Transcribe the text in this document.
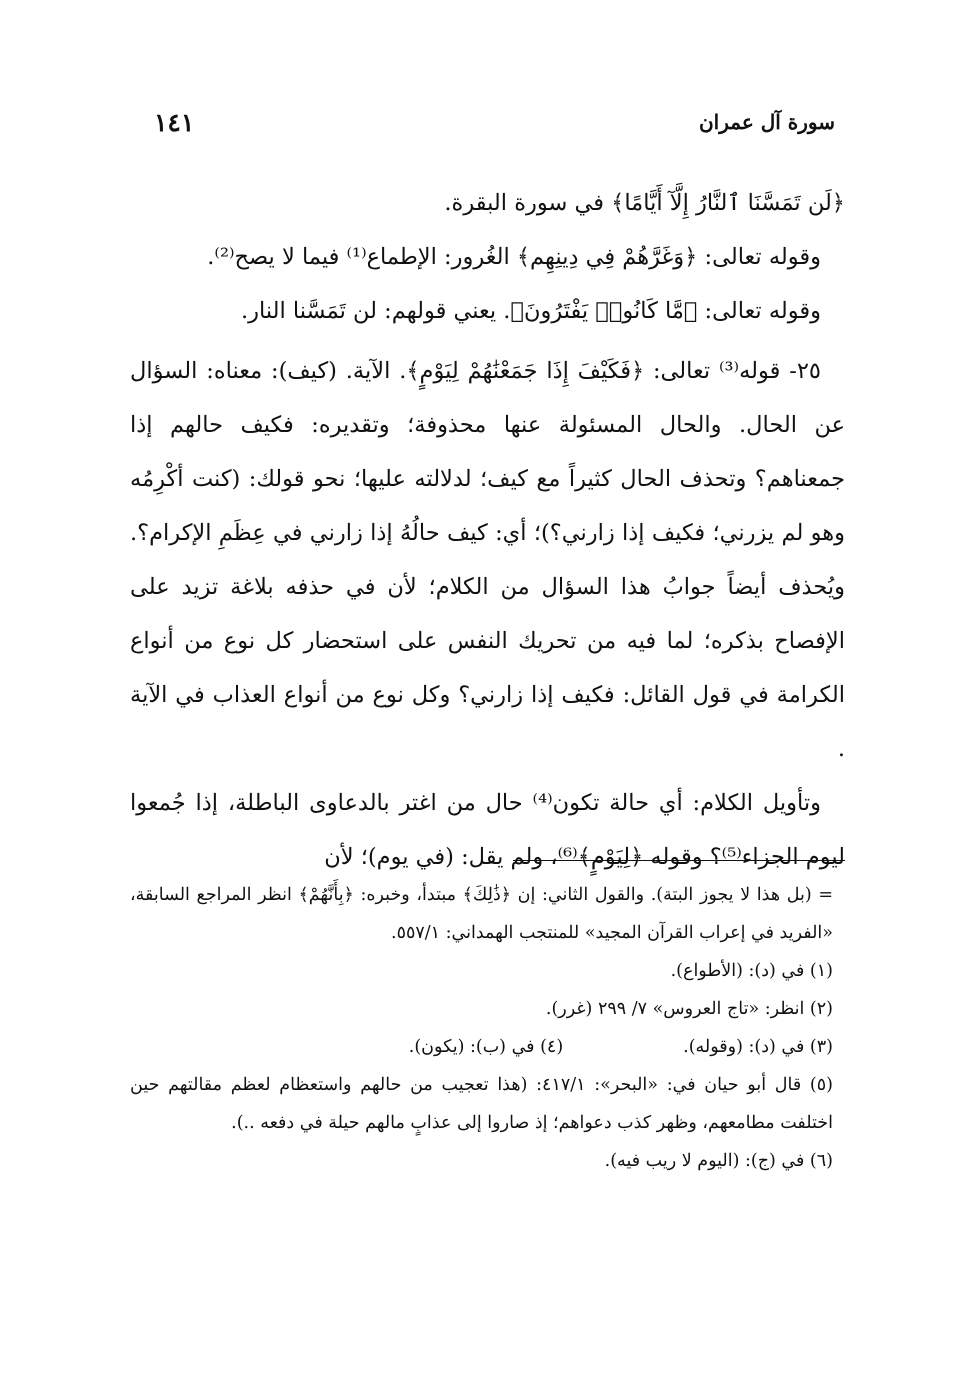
سورة آل عمران
١٤١

﴿لَن تَمَسَّنَا ٱلنَّارُ إِلَّآ أَيَّامًا﴾ في سورة البقرة.

وقوله تعالى: ﴿وَغَرَّهُمْ فِي دِينِهِم﴾ الغُرور: الإطماع⁽¹⁾ فيما لا يصح⁽²⁾.

وقوله تعالى: ﴿مَّا كَانُوا۟ يَفْتَرُونَ﴾. يعني قولهم: لن تَمَسَّنا النار.

٢٥- قوله⁽³⁾ تعالى: ﴿فَكَيْفَ إِذَا جَمَعْنَٰهُمْ لِيَوْمٍ﴾. الآية. (كيف): معناه: السؤال عن الحال. والحال المسئولة عنها محذوفة؛ وتقديره: فكيف حالهم إذا جمعناهم؟ وتحذف الحال كثيراً مع كيف؛ لدلالته عليها؛ نحو قولك: (كنت أكْرِمُه وهو لم يزرني؛ فكيف إذا زارني؟)؛ أي: كيف حالُهُ إذا زارني في عِظَمِ الإكرام؟. ويُحذف أيضاً جوابُ هذا السؤال من الكلام؛ لأن في حذفه بلاغة تزيد على الإفصاح بذكره؛ لما فيه من تحريك النفس على استحضار كل نوع من أنواع الكرامة في قول القائل: فكيف إذا زارني؟ وكل نوع من أنواع العذاب في الآية .

وتأويل الكلام: أي حالة تكون⁽⁴⁾ حال من اغتر بالدعاوى الباطلة، إذا جُمعوا ليوم الجزاء⁽⁵⁾؟ وقوله ﴿لِيَوْمٍ﴾⁽⁶⁾، ولم يقل: (في يوم)؛ لأن

= (بل هذا لا يجوز البتة). والقول الثاني: إن ﴿ذَٰلِكَ﴾ مبتدأ، وخبره: ﴿بِأَنَّهُمْ﴾ انظر المراجع السابقة، «الفريد في إعراب القرآن المجيد» للمنتجب الهمداني: ٥٥٧/١.

(١) في (د): (الأطواع).

(٢) انظر: «تاج العروس» ٧/ ٢٩٩ (غرر).

(٣) في (د): (وقوله).
(٤) في (ب): (يكون).

(٥) قال أبو حيان في: «البحر»: ٤١٧/١: (هذا تعجيب من حالهم واستعظام لعظم مقالتهم حين اختلفت مطامعهم، وظهر كذب دعواهم؛ إذ صاروا إلى عذابٍ مالهم حيلة في دفعه ..).

(٦) في (ج): (اليوم لا ريب فيه).
